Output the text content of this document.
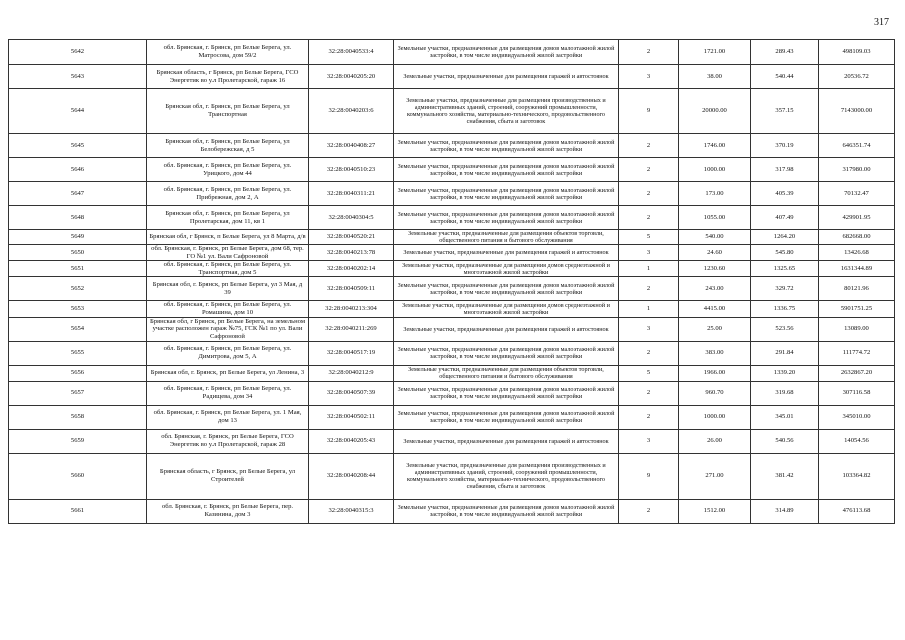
317
5642	обл. Брянская, г. Брянск, рп Белые Берега, ул. Матросова, дом 59/2	32:28:0040533:4	Земельные участки, предназначенные для размещения домов малоэтажной жилой застройки, в том числе индивидуальной жилой застройки	2	1721.00	289.43	498109.03
5643	Брянская область, г Брянск, рп Белые Берега, ГСО Энергетик во у.л Пролетарской, гараж 16	32:28:0040205:20	Земельные участки, предназначенные для размещения гаражей и автостоянок	3	38.00	540.44	20536.72
5644	Брянская обл, г. Брянск, рп Белые Берега, ул Транспортная	32:28:0040203:6	Земельные участки, предназначенные для размещения производственных и административных зданий, строений, сооружений промышленности, коммунального хозяйства, материально-технического, продовольственного снабжения, сбыта и заготовок	9	20000.00	357.15	7143000.00
5645	Брянская обл, г. Брянск, рп Белые Берега, ул Белобережская, д 5	32:28:0040408:27	Земельные участки, предназначенные для размещения домов малоэтажной жилой застройки, в том числе индивидуальной жилой застройки	2	1746.00	370.19	646351.74
5646	обл. Брянская, г. Брянск, рп Белые Берега, ул. Урицкого, дом 44	32:28:0040510:23	Земельные участки, предназначенные для размещения домов малоэтажной жилой застройки, в том числе индивидуальной жилой застройки	2	1000.00	317.98	317980.00
5647	обл. Брянская, г. Брянск, рп Белые Берега, ул. Прибрежная, дом 2, А	32:28:0040311:21	Земельные участки, предназначенные для размещения домов малоэтажной жилой застройки, в том числе индивидуальной жилой застройки	2	173.00	405.39	70132.47
5648	Брянская обл, г. Брянск, рп Белые Берега, ул Пролетарская, дом 11, кв 1	32:28:0040304:5	Земельные участки, предназначенные для размещения домов малоэтажной жилой застройки, в том числе индивидуальной жилой застройки	2	1055.00	407.49	429901.95
5649	Брянская обл, г Брянск, п Белые Берега, ул 8 Марта, д/в	32:28:0040520:21	Земельные участки, предназначенные для размещения объектов торговли, общественного питания и бытового обслуживания	5	540.00	1264.20	682668.00
5650	обл. Брянская, г. Брянск, рп Белые Берега, дом 68, тер. ГО №1 ул. Вали Сафроновой	32:28:0040213:78	Земельные участки, предназначенные для размещения гаражей и автостоянок	3	24.60	545.80	13426.68
5651	обл. Брянская, г. Брянск, рп Белые Берега, ул. Транспортная, дом 5	32:28:0040202:14	Земельные участки, предназначенные для размещения домов среднеэтажной и многоэтажной жилой застройки	1	1230.60	1325.65	1631344.89
5652	Брянская обл, г. Брянск, рп Белые Берега, ул 3 Мая, д 39	32:28:0040509:11	Земельные участки, предназначенные для размещения домов малоэтажной жилой застройки, в том числе индивидуальной жилой застройки	2	243.00	329.72	80121.96
5653	обл. Брянская, г. Брянск, рп Белые Берега, ул. Ромашина, дом 10	32:28:0040213:304	Земельные участки, предназначенные для размещения домов среднеэтажной и многоэтажной жилой застройки	1	4415.00	1336.75	5901751.25
5654	Брянская обл, г Брянск, рп Белые Берега, на земельном участке расположен гараж №75, ГСК №1 по ул. Вали Сафроновой	32:28:0040211:269	Земельные участки, предназначенные для размещения гаражей и автостоянок	3	25.00	523.56	13089.00
5655	обл. Брянская, г. Брянск, рп Белые Берега, ул. Димитрова, дом 5, А	32:28:0040517:19	Земельные участки, предназначенные для размещения домов малоэтажной жилой застройки, в том числе индивидуальной жилой застройки	2	383.00	291.84	111774.72
5656	Брянская обл, г. Брянск, рп Белые Берега, ул Ленина, 3	32:28:0040212:9	Земельные участки, предназначенные для размещения объектов торговли, общественного питания и бытового обслуживания	5	1966.00	1339.20	2632867.20
5657	обл. Брянская, г. Брянск, рп Белые Берега, ул. Радищева, дом 34	32:28:0040507:39	Земельные участки, предназначенные для размещения домов малоэтажной жилой застройки, в том числе индивидуальной жилой застройки	2	960.70	319.68	307116.58
5658	обл. Брянская, г. Брянск, рп Белые Берега, ул. 1 Мая, дом 13	32:28:0040502:11	Земельные участки, предназначенные для размещения домов малоэтажной жилой застройки, в том числе индивидуальной жилой застройки	2	1000.00	345.01	345010.00
5659	обл. Брянская, г. Брянск, рп Белые Берега, ГСО Энергетик во у.л Пролетарской, гараж 28	32:28:0040205:43	Земельные участки, предназначенные для размещения гаражей и автостоянок	3	26.00	540.56	14054.56
5660	Брянская область, г Брянск, рп Белые Берега, ул Строителей	32:28:0040208:44	Земельные участки, предназначенные для размещения производственных и административных зданий, строений, сооружений промышленности, коммунального хозяйства, материально-технического, продовольственного снабжения, сбыта и заготовок	9	271.00	381.42	103364.82
5661	обл. Брянская, г. Брянск, рп Белые Берега, пер. Казинина, дом 3	32:28:0040315:3	Земельные участки, предназначенные для размещения домов малоэтажной жилой застройки, в том числе индивидуальной жилой застройки	2	1512.00	314.89	476113.68
